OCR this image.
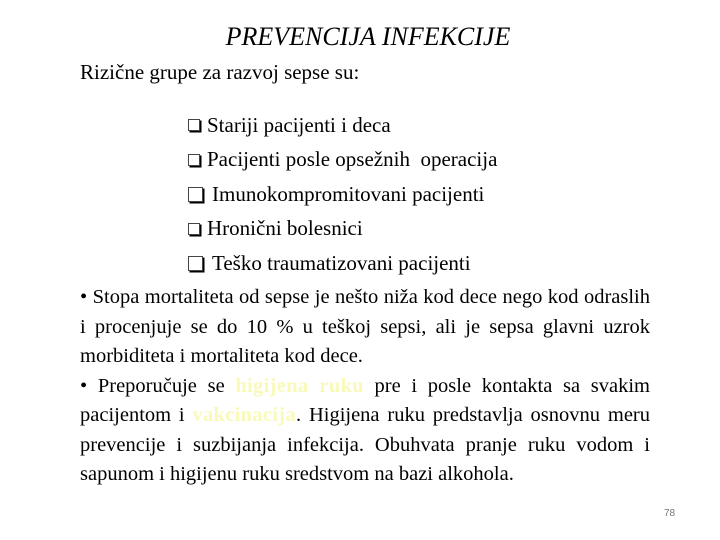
PREVENCIJA INFEKCIJE
Rizične grupe za razvoj sepse su:
Stariji pacijenti i deca
Pacijenti posle opsežnih  operacija
Imunokompromitovani pacijenti
Hronični bolesnici
Teško traumatizovani pacijenti

• Stopa mortaliteta od sepse je nešto niža kod dece nego kod odraslih i procenjuje se do 10 % u teškoj sepsi, ali je sepsa glavni uzrok morbiditeta i mortaliteta kod dece.

• Preporučuje se higijena ruku pre i posle kontakta sa svakim pacijentom i vakcinacija. Higijena ruku predstavlja osnovnu meru prevencije i suzbijanja infekcija. Obuhvata pranje ruku vodom i sapunom i higijenu ruku sredstvom na bazi alkohola.

78
